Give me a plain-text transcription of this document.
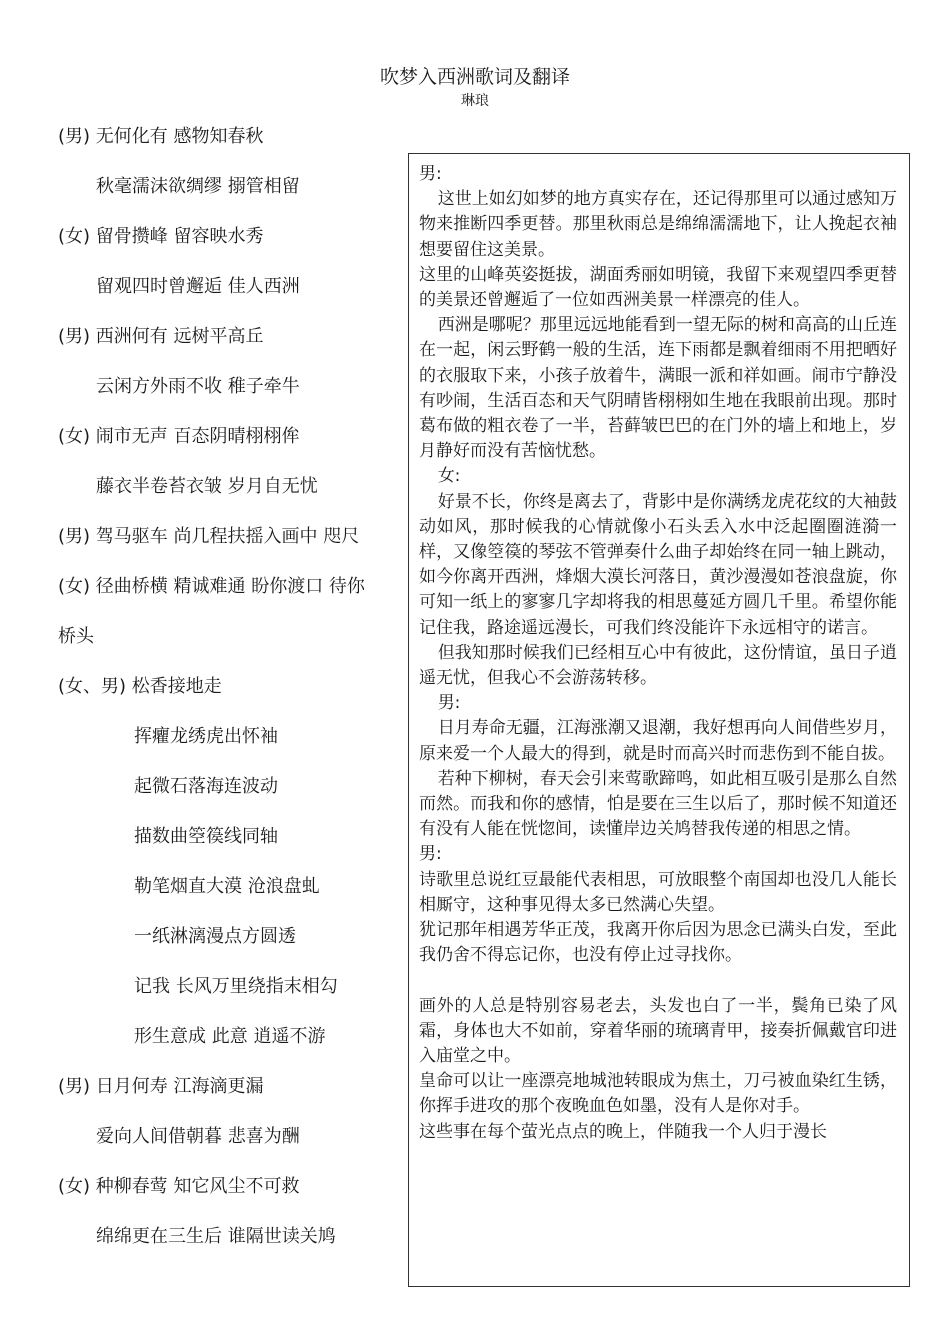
吹梦入西洲歌词及翻译
琳琅
(男) 无何化有 感物知春秋
秋毫濡沫欲绸缪 搦管相留
(女) 留骨攒峰 留容映水秀
留观四时曾邂逅 佳人西洲
(男) 西洲何有 远树平高丘
云闲方外雨不收 稚子牵牛
(女) 闹市无声 百态阴晴栩栩侔
藤衣半卷苔衣皱 岁月自无忧
(男) 驾马驱车 尚几程扶摇入画中 咫尺
(女) 径曲桥横 精诚难通 盼你渡口 待你
桥头
(女、男) 松香接地走
挥癯龙绣虎出怀袖
起微石落海连波动
描数曲箜篌线同轴
勒笔烟直大漠 沧浪盘虬
一纸淋漓漫点方圆透
记我 长风万里绕指末相勾
形生意成 此意 逍遥不游
(男) 日月何寿 江海滴更漏
爱向人间借朝暮 悲喜为酬
(女) 种柳春莺 知它风尘不可救
绵绵更在三生后 谁隔世读关鸠

男:

这世上如幻如梦的地方真实存在，还记得那里可以通过感知万物来推断四季更替。那里秋雨总是绵绵濡濡地下，让人挽起衣袖想要留住这美景。

这里的山峰英姿挺拔，湖面秀丽如明镜，我留下来观望四季更替的美景还曾邂逅了一位如西洲美景一样漂亮的佳人。

西洲是哪呢？那里远远地能看到一望无际的树和高高的山丘连在一起，闲云野鹤一般的生活，连下雨都是飘着细雨不用把晒好的衣服取下来，小孩子放着牛，满眼一派和祥如画。闹市宁静没有吵闹，生活百态和天气阴晴皆栩栩如生地在我眼前出现。那时葛布做的粗衣卷了一半，苔藓皱巴巴的在门外的墙上和地上，岁月静好而没有苦恼忧愁。

女:

好景不长，你终是离去了，背影中是你满绣龙虎花纹的大袖鼓动如风，那时候我的心情就像小石头丢入水中泛起圈圈涟漪一样，又像箜篌的琴弦不管弹奏什么曲子却始终在同一轴上跳动，如今你离开西洲，烽烟大漠长河落日，黄沙漫漫如苍浪盘旋，你可知一纸上的寥寥几字却将我的相思蔓延方圆几千里。希望你能记住我，路途遥远漫长，可我们终没能许下永远相守的诺言。

但我知那时候我们已经相互心中有彼此，这份情谊，虽日子逍遥无忧，但我心不会游荡转移。

男:

日月寿命无疆，江海涨潮又退潮，我好想再向人间借些岁月，原来爱一个人最大的得到，就是时而高兴时而悲伤到不能自拔。

若种下柳树，春天会引来莺歌蹄鸣，如此相互吸引是那么自然而然。而我和你的感情，怕是要在三生以后了，那时候不知道还有没有人能在恍惚间，读懂岸边关鸠替我传递的相思之情。

男:

诗歌里总说红豆最能代表相思，可放眼整个南国却也没几人能长相厮守，这种事见得太多已然满心失望。

犹记那年相遇芳华正茂，我离开你后因为思念已满头白发，至此我仍舍不得忘记你，也没有停止过寻找你。

画外的人总是特别容易老去，头发也白了一半，鬓角已染了风霜，身体也大不如前，穿着华丽的琉璃青甲，接奏折佩戴官印进入庙堂之中。

皇命可以让一座漂亮地城池转眼成为焦土，刀弓被血染红生锈，你挥手进攻的那个夜晚血色如墨，没有人是你对手。

这些事在每个萤光点点的晚上，伴随我一个人归于漫长
